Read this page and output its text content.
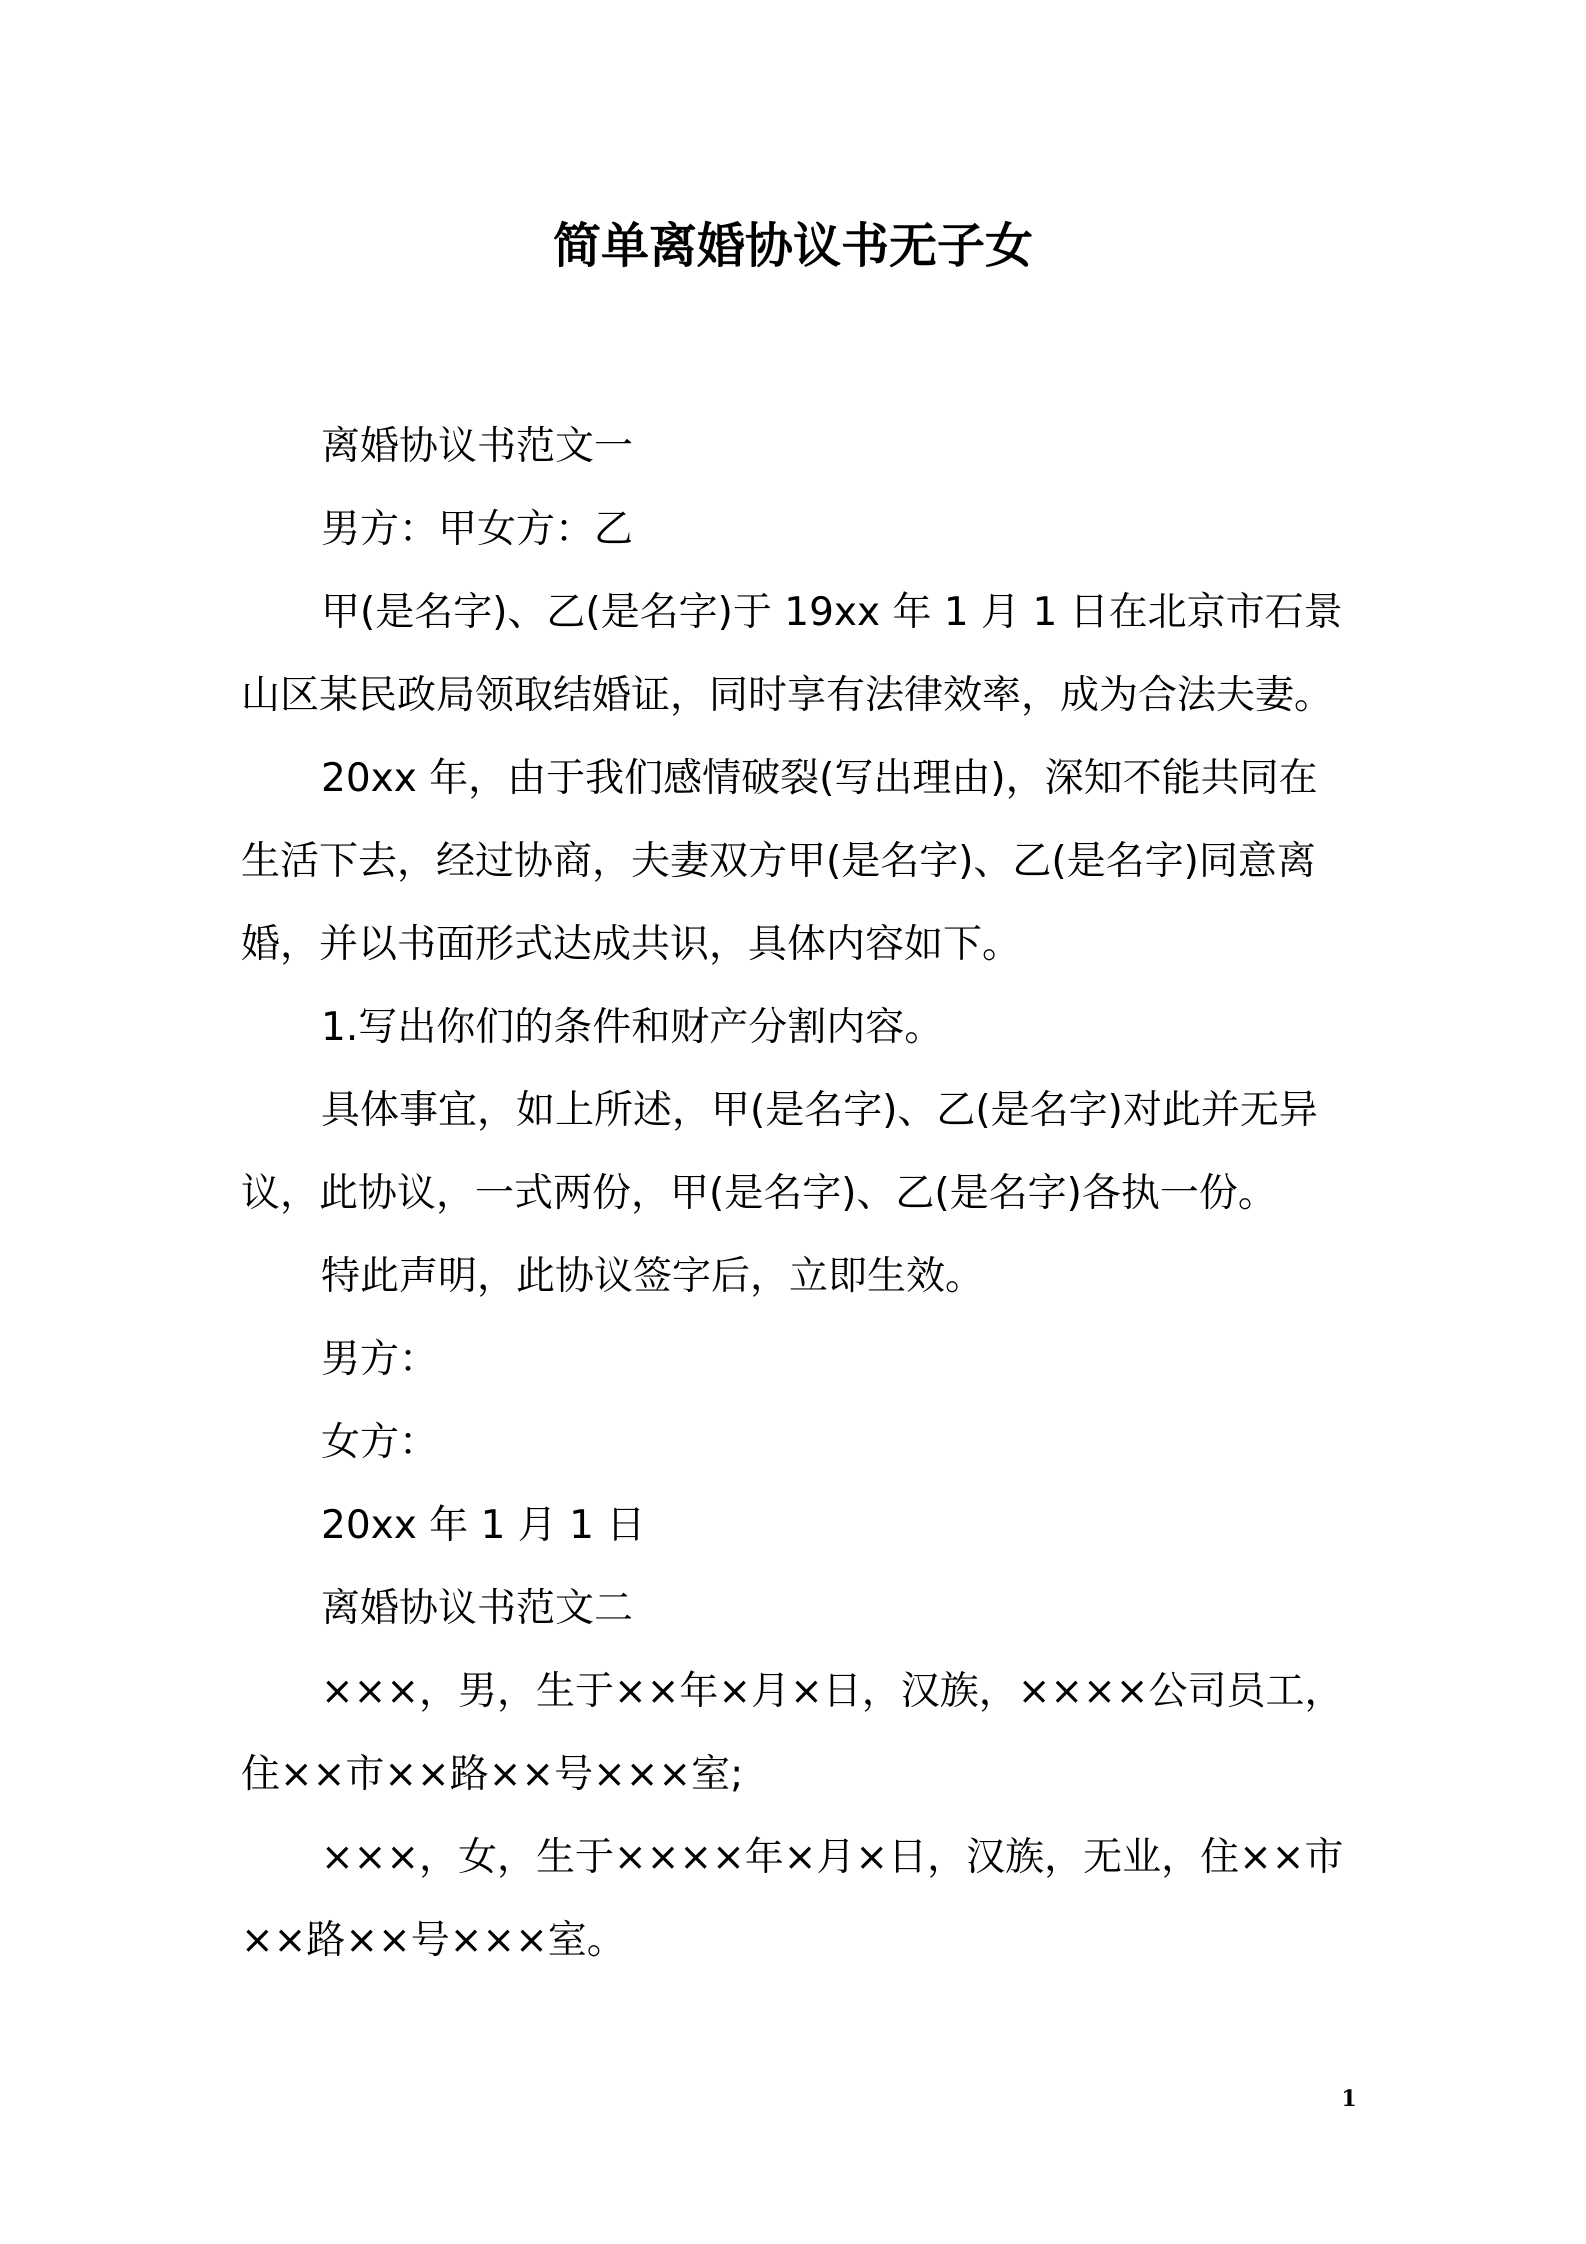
简单离婚协议书无子女

离婚协议书范文一

男方：甲女方：乙

甲(是名字)、乙(是名字)于 19xx 年 1 月 1 日在北京市石景山区某民政局领取结婚证，同时享有法律效率，成为合法夫妻。

20xx 年，由于我们感情破裂(写出理由)，深知不能共同在生活下去，经过协商，夫妻双方甲(是名字)、乙(是名字)同意离婚，并以书面形式达成共识，具体内容如下。

1.写出你们的条件和财产分割内容。

具体事宜，如上所述，甲(是名字)、乙(是名字)对此并无异议，此协议，一式两份，甲(是名字)、乙(是名字)各执一份。

特此声明，此协议签字后，立即生效。

男方：

女方：

20xx 年 1 月 1 日

离婚协议书范文二

×××，男，生于××年×月×日，汉族，××××公司员工，住××市××路××号×××室;

×××，女，生于××××年×月×日，汉族，无业，住××市××路××号×××室。

1
